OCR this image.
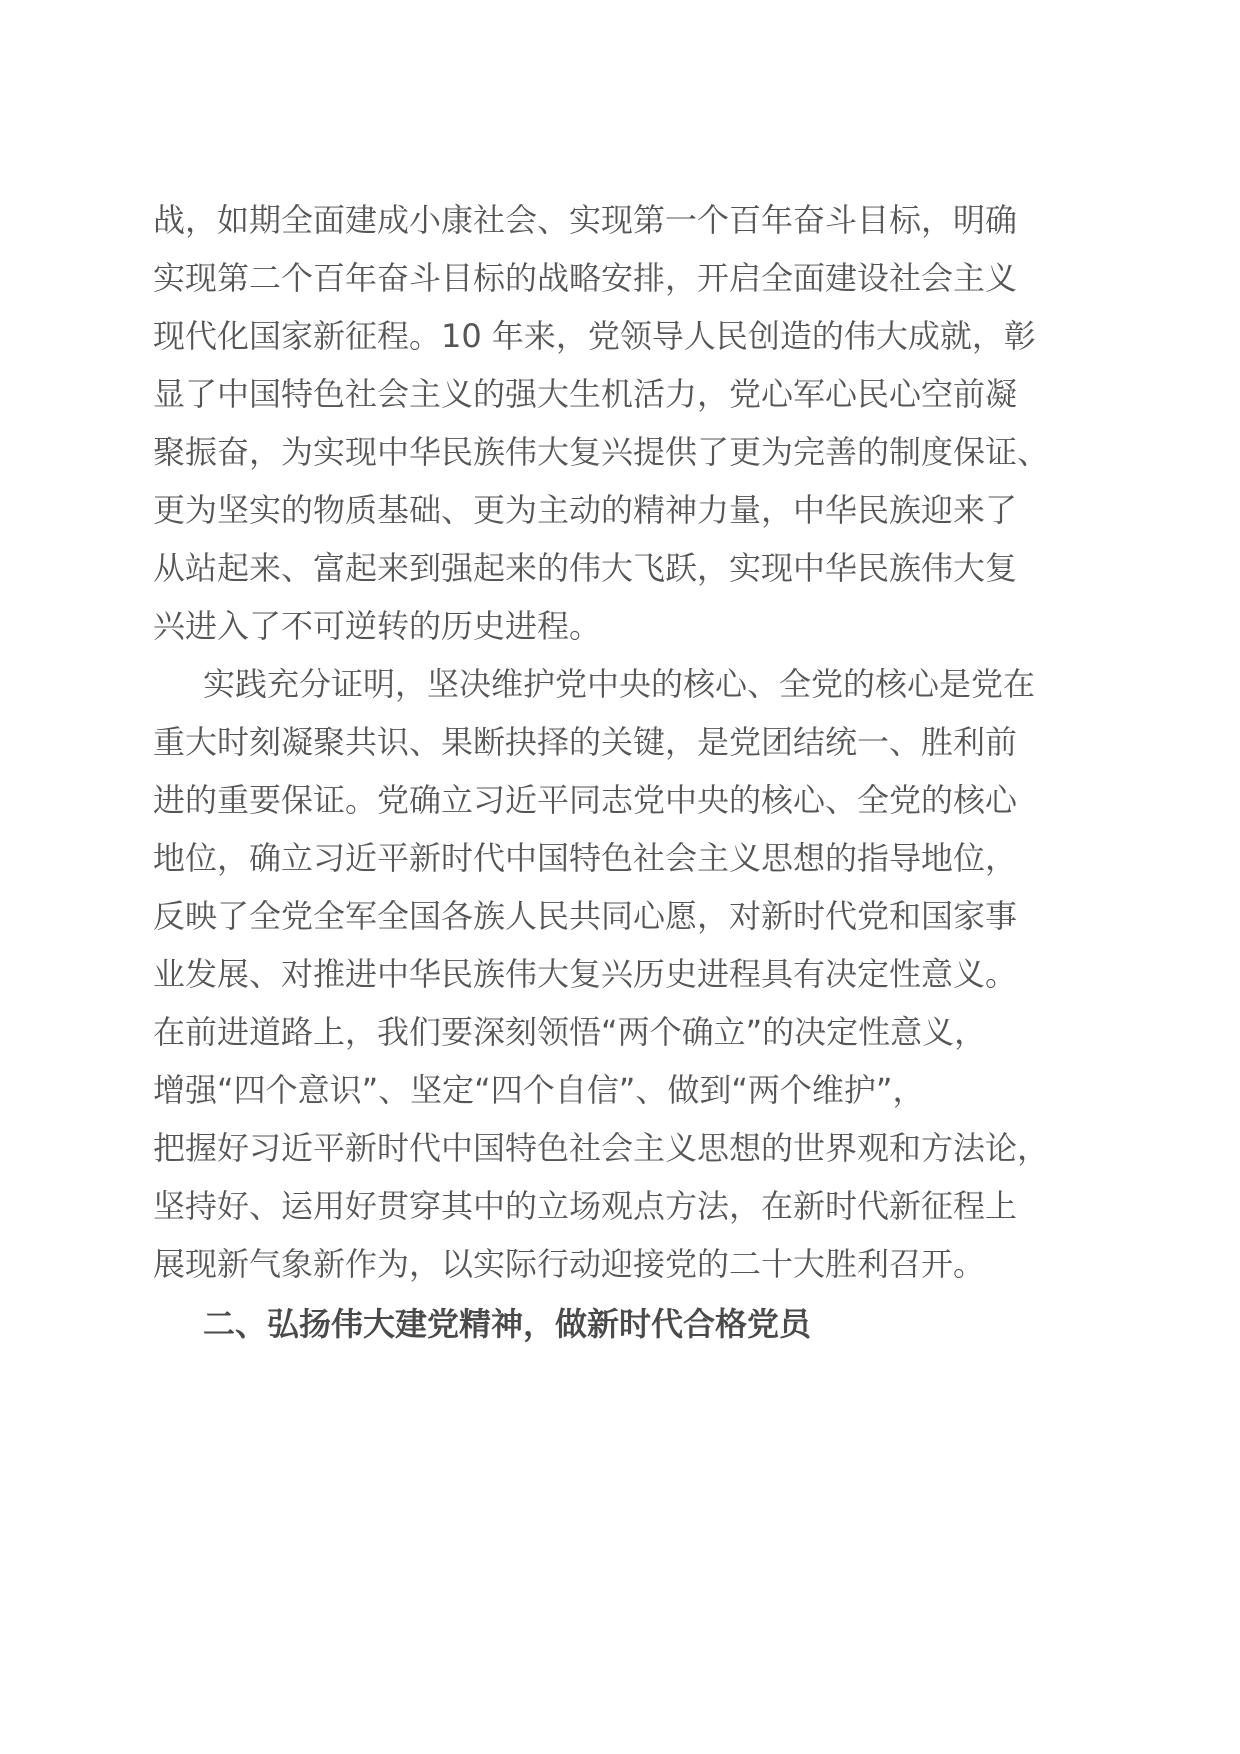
战，如期全面建成小康社会、实现第一个百年奋斗目标，明确
实现第二个百年奋斗目标的战略安排，开启全面建设社会主义
现代化国家新征程。10 年来，党领导人民创造的伟大成就，彰
显了中国特色社会主义的强大生机活力，党心军心民心空前凝
聚振奋，为实现中华民族伟大复兴提供了更为完善的制度保证、
更为坚实的物质基础、更为主动的精神力量，中华民族迎来了
从站起来、富起来到强起来的伟大飞跃，实现中华民族伟大复
兴进入了不可逆转的历史进程。
实践充分证明，坚决维护党中央的核心、全党的核心是党在
重大时刻凝聚共识、果断抉择的关键，是党团结统一、胜利前
进的重要保证。党确立习近平同志党中央的核心、全党的核心
地位，确立习近平新时代中国特色社会主义思想的指导地位，
反映了全党全军全国各族人民共同心愿，对新时代党和国家事
业发展、对推进中华民族伟大复兴历史进程具有决定性意义。
在前进道路上，我们要深刻领悟“两个确立”的决定性意义，
增强“四个意识”、坚定“四个自信”、做到“两个维护”，
把握好习近平新时代中国特色社会主义思想的世界观和方法论，
坚持好、运用好贯穿其中的立场观点方法，在新时代新征程上
展现新气象新作为，以实际行动迎接党的二十大胜利召开。
二、弘扬伟大建党精神，做新时代合格党员
